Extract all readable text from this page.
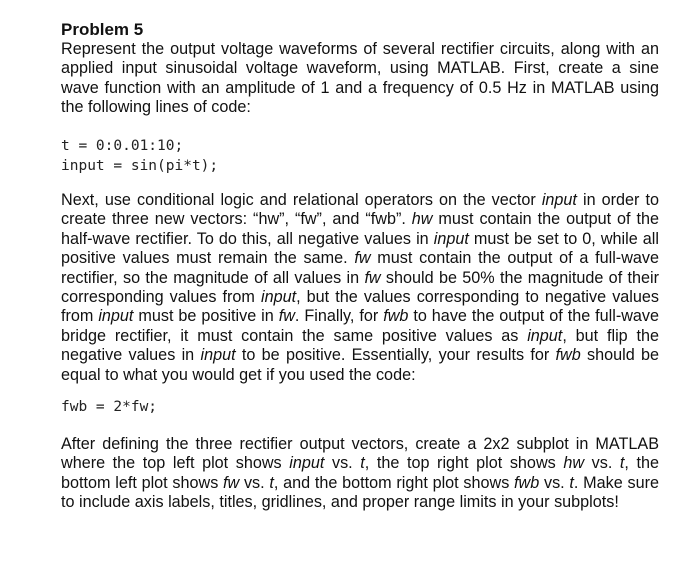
Problem 5

Represent the output voltage waveforms of several rectifier circuits, along with an applied input sinusoidal voltage waveform, using MATLAB. First, create a sine wave function with an amplitude of 1 and a frequency of 0.5 Hz in MATLAB using the following lines of code:

t = 0:0.01:10;
input = sin(pi*t);

Next, use conditional logic and relational operators on the vector input in order to create three new vectors: “hw”, “fw”, and “fwb”. hw must contain the output of the half-wave rectifier. To do this, all negative values in input must be set to 0, while all positive values must remain the same. fw must contain the output of a full-wave rectifier, so the magnitude of all values in fw should be 50% the magnitude of their corresponding values from input, but the values corresponding to negative values from input must be positive in fw. Finally, for fwb to have the output of the full-wave bridge rectifier, it must contain the same positive values as input, but flip the negative values in input to be positive. Essentially, your results for fwb should be equal to what you would get if you used the code:

fwb = 2*fw;

After defining the three rectifier output vectors, create a 2x2 subplot in MATLAB where the top left plot shows input vs. t, the top right plot shows hw vs. t, the bottom left plot shows fw vs. t, and the bottom right plot shows fwb vs. t. Make sure to include axis labels, titles, gridlines, and proper range limits in your subplots!
